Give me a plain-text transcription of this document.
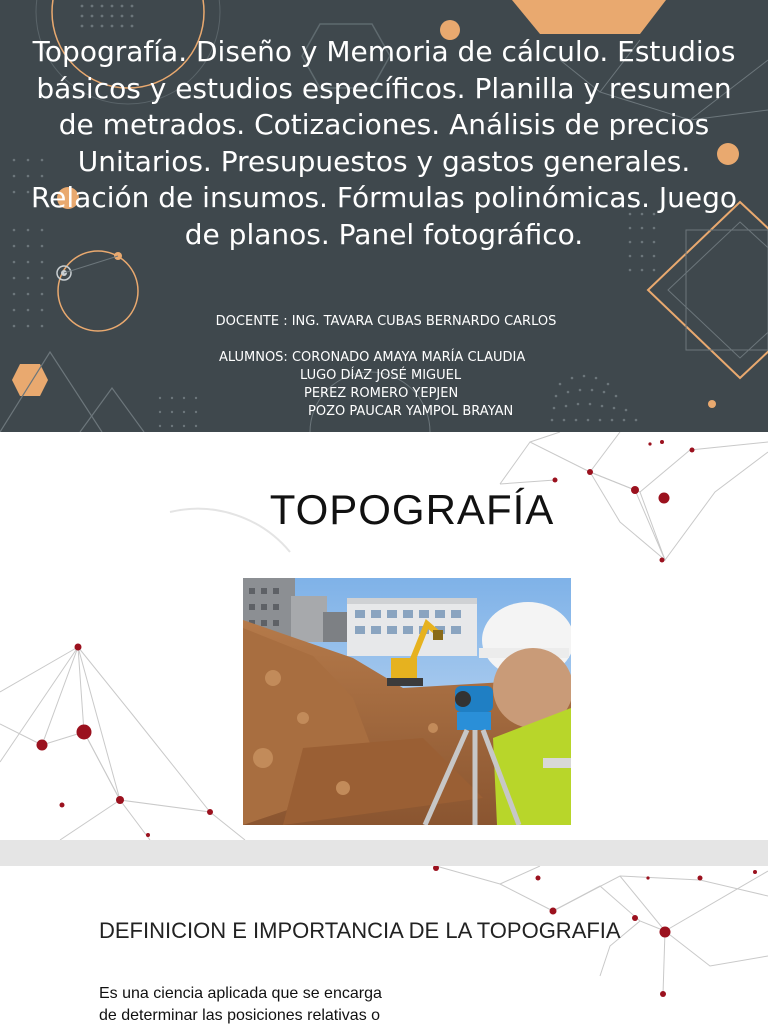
Topografía. Diseño y Memoria de cálculo. Estudios básicos y estudios específicos. Planilla y resumen de metrados. Cotizaciones. Análisis de precios Unitarios. Presupuestos y gastos generales. Relación de insumos. Fórmulas polinómicas. Juego de planos. Panel fotográfico.
DOCENTE : ING. TAVARA CUBAS BERNARDO CARLOS
ALUMNOS: CORONADO AMAYA MARÍA CLAUDIA
LUGO DÍAZ JOSÉ MIGUEL
PEREZ ROMERO YEPJEN
POZO PAUCAR YAMPOL BRAYAN
TOPOGRAFÍA
DEFINICION E IMPORTANCIA DE LA TOPOGRAFIA
Es una ciencia aplicada que se encarga
de determinar las posiciones relativas o
